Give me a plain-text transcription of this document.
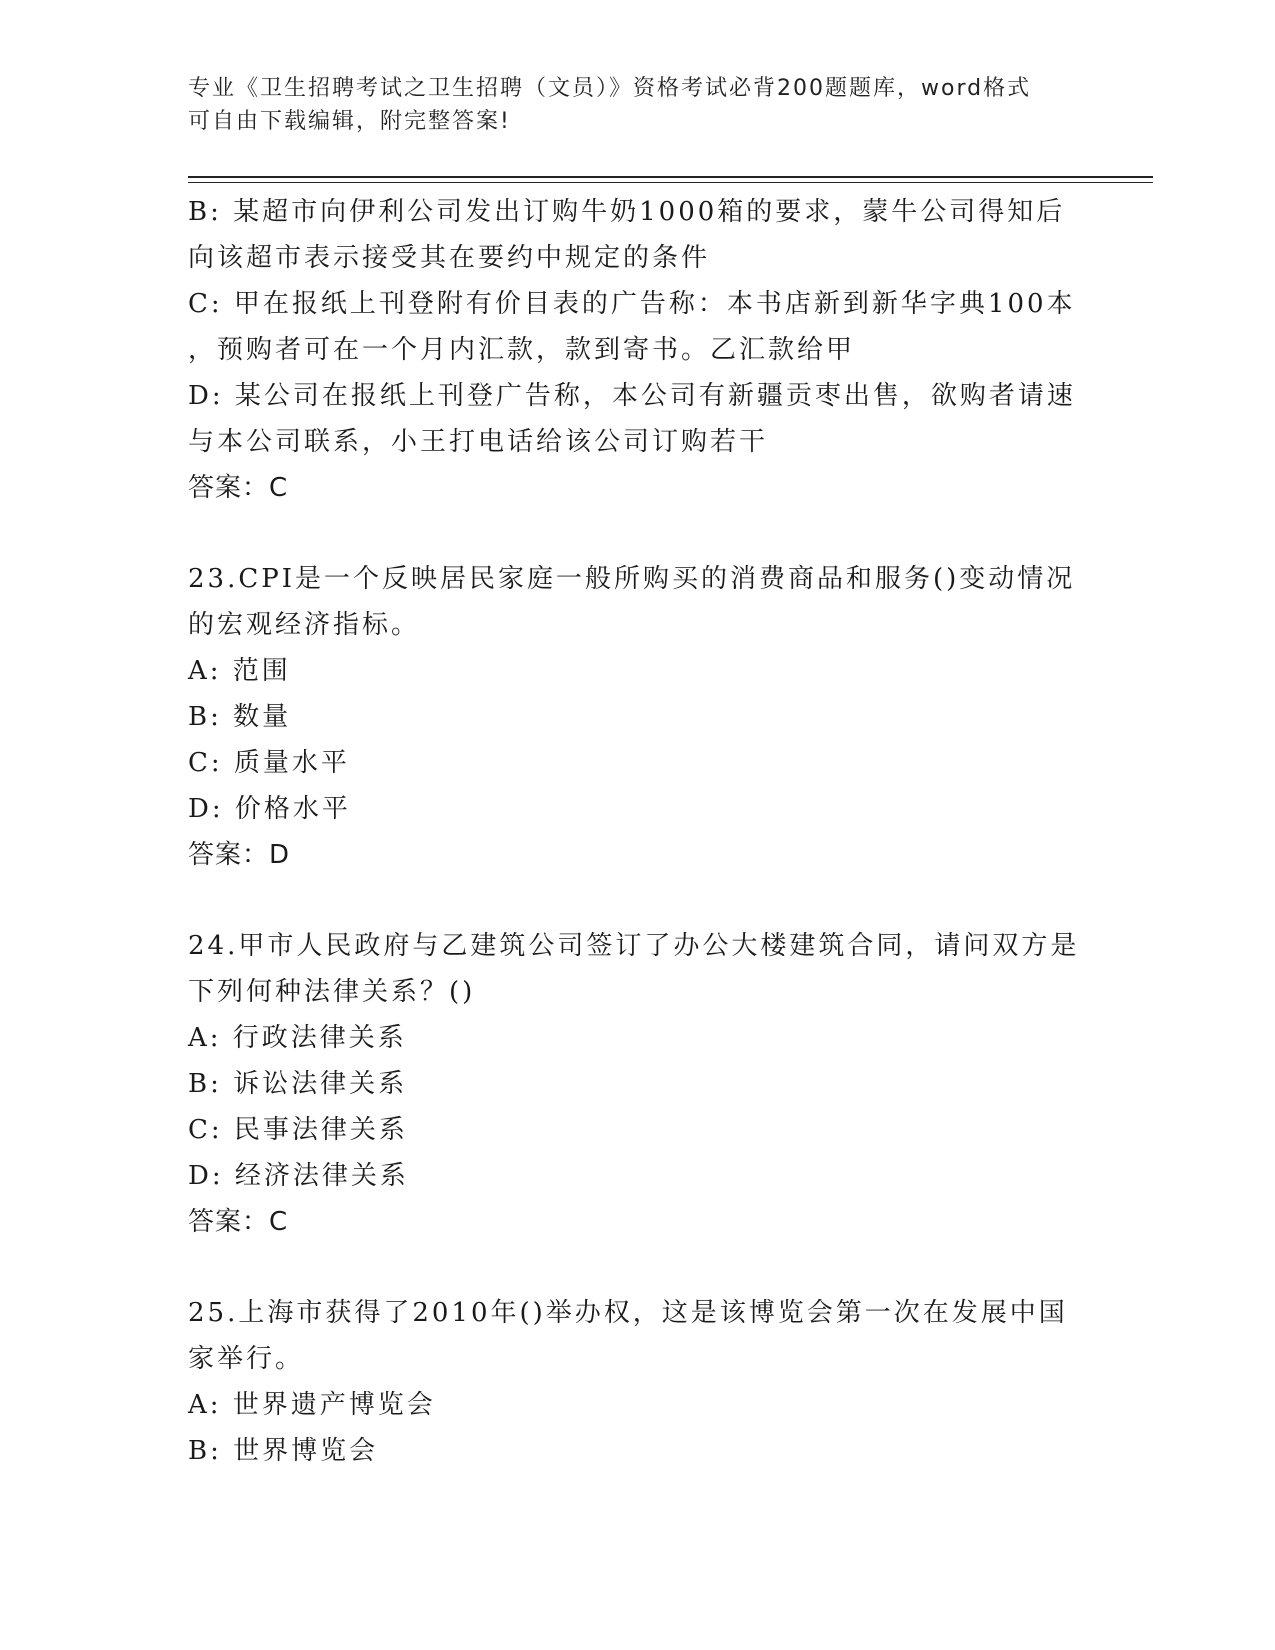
专业《卫生招聘考试之卫生招聘（文员）》资格考试必背200题题库，word格式
可自由下载编辑，附完整答案!
B: 某超市向伊利公司发出订购牛奶1000箱的要求，蒙牛公司得知后
向该超市表示接受其在要约中规定的条件
C: 甲在报纸上刊登附有价目表的广告称：本书店新到新华字典100本
，预购者可在一个月内汇款，款到寄书。乙汇款给甲
D: 某公司在报纸上刊登广告称，本公司有新疆贡枣出售，欲购者请速
与本公司联系，小王打电话给该公司订购若干
答案：C
23.CPI是一个反映居民家庭一般所购买的消费商品和服务()变动情况
的宏观经济指标。
A: 范围
B: 数量
C: 质量水平
D: 价格水平
答案：D
24.甲市人民政府与乙建筑公司签订了办公大楼建筑合同，请问双方是
下列何种法律关系？()
A: 行政法律关系
B: 诉讼法律关系
C: 民事法律关系
D: 经济法律关系
答案：C
25.上海市获得了2010年()举办权，这是该博览会第一次在发展中国
家举行。
A: 世界遗产博览会
B: 世界博览会
